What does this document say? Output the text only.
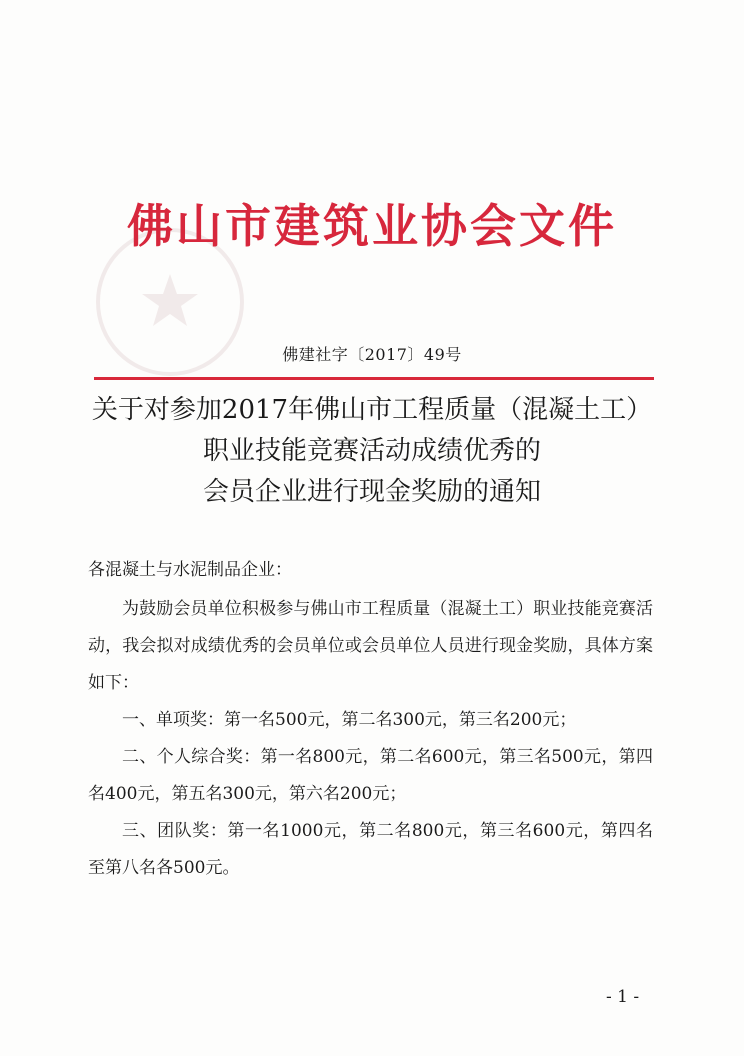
佛山市建筑业协会文件
佛建社字〔2017〕49号
关于对参加2017年佛山市工程质量（混凝土工）
职业技能竞赛活动成绩优秀的
会员企业进行现金奖励的通知

各混凝土与水泥制品企业：

为鼓励会员单位积极参与佛山市工程质量（混凝土工）职业技能竞赛活动，我会拟对成绩优秀的会员单位或会员单位人员进行现金奖励，具体方案如下：

一、单项奖：第一名500元，第二名300元，第三名200元；

二、个人综合奖：第一名800元，第二名600元，第三名500元，第四名400元，第五名300元，第六名200元；

三、团队奖：第一名1000元，第二名800元，第三名600元，第四名至第八名各500元。

- 1 -
